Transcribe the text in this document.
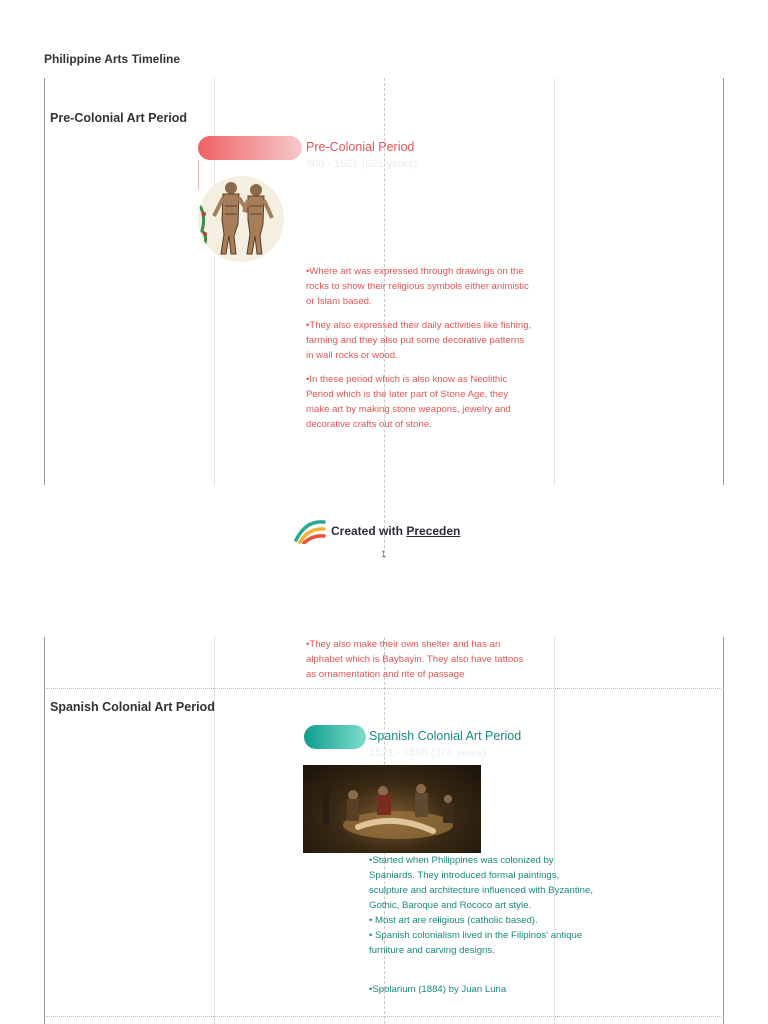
Philippine Arts Timeline
Pre-Colonial Art Period
Pre-Colonial Period
900 - 1521 (621 years)

•Where art was expressed through drawings on the rocks to show their religious symbols either animistic or Islam based.

•They also expressed their daily activities like fishing, farming and they also put some decorative patterns in wall rocks or wood.

•In these period which is also know as Neolithic Period which is the later part of Stone Age, they make art by making stone weapons, jewelry and decorative crafts out of stone.

Created with Preceden
1

•They also make their own shelter and has an alphabet which is Baybayin. They also have tattoos as ornamentation and rite of passage

Spanish Colonial Art Period
Spanish Colonial Art Period
1521 - 1898 (378 years)

•Started when Philippines was colonized by Spaniards. They introduced formal paintings, sculpture and architecture influenced with Byzantine, Gothic, Baroque and Rococo art style.

• Most art are religious (catholic based).

• Spanish colonialism lived in the Filipinos' antique furniture and carving designs.

•Spolarium (1884) by Juan Luna
